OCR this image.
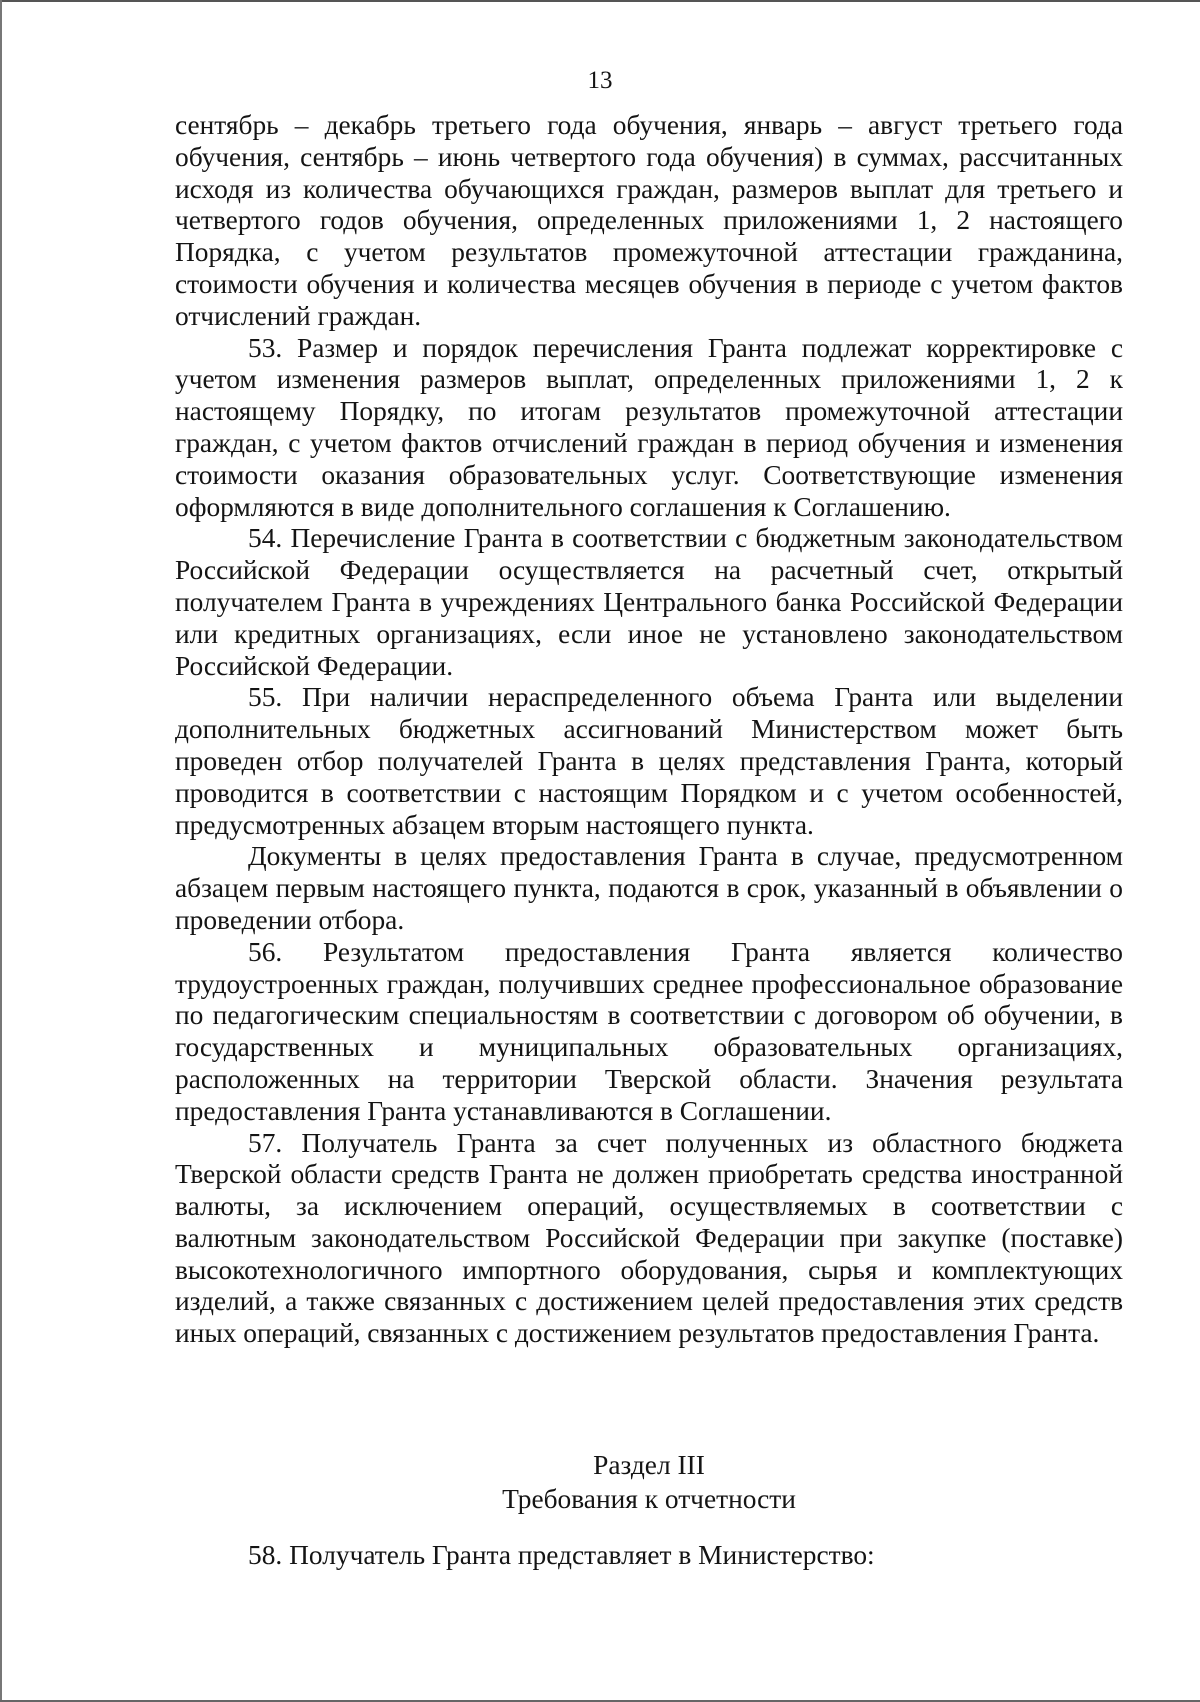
13

сентябрь – декабрь третьего года обучения, январь – август третьего года обучения, сентябрь – июнь четвертого года обучения) в суммах, рассчитанных исходя из количества обучающихся граждан, размеров выплат для третьего и четвертого годов обучения, определенных приложениями 1, 2 настоящего Порядка, с учетом результатов промежуточной аттестации гражданина, стоимости обучения и количества месяцев обучения в периоде с учетом фактов отчислений граждан.

53. Размер и порядок перечисления Гранта подлежат корректировке с учетом изменения размеров выплат, определенных приложениями 1, 2 к настоящему Порядку, по итогам результатов промежуточной аттестации граждан, с учетом фактов отчислений граждан в период обучения и изменения стоимости оказания образовательных услуг. Соответствующие изменения оформляются в виде дополнительного соглашения к Соглашению.

54. Перечисление Гранта в соответствии с бюджетным законодательством Российской Федерации осуществляется на расчетный счет, открытый получателем Гранта в учреждениях Центрального банка Российской Федерации или кредитных организациях, если иное не установлено законодательством Российской Федерации.

55. При наличии нераспределенного объема Гранта или выделении дополнительных бюджетных ассигнований Министерством может быть проведен отбор получателей Гранта в целях представления Гранта, который проводится в соответствии с настоящим Порядком и с учетом особенностей, предусмотренных абзацем вторым настоящего пункта.

Документы в целях предоставления Гранта в случае, предусмотренном абзацем первым настоящего пункта, подаются в срок, указанный в объявлении о проведении отбора.

56. Результатом предоставления Гранта является количество трудоустроенных граждан, получивших среднее профессиональное образование по педагогическим специальностям в соответствии с договором об обучении, в государственных и муниципальных образовательных организациях, расположенных на территории Тверской области. Значения результата предоставления Гранта устанавливаются в Соглашении.

57. Получатель Гранта за счет полученных из областного бюджета Тверской области средств Гранта не должен приобретать средства иностранной валюты, за исключением операций, осуществляемых в соответствии с валютным законодательством Российской Федерации при закупке (поставке) высокотехнологичного импортного оборудования, сырья и комплектующих изделий, а также связанных с достижением целей предоставления этих средств иных операций, связанных с достижением результатов предоставления Гранта.

Раздел III
Требования к отчетности

58. Получатель Гранта представляет в Министерство:
